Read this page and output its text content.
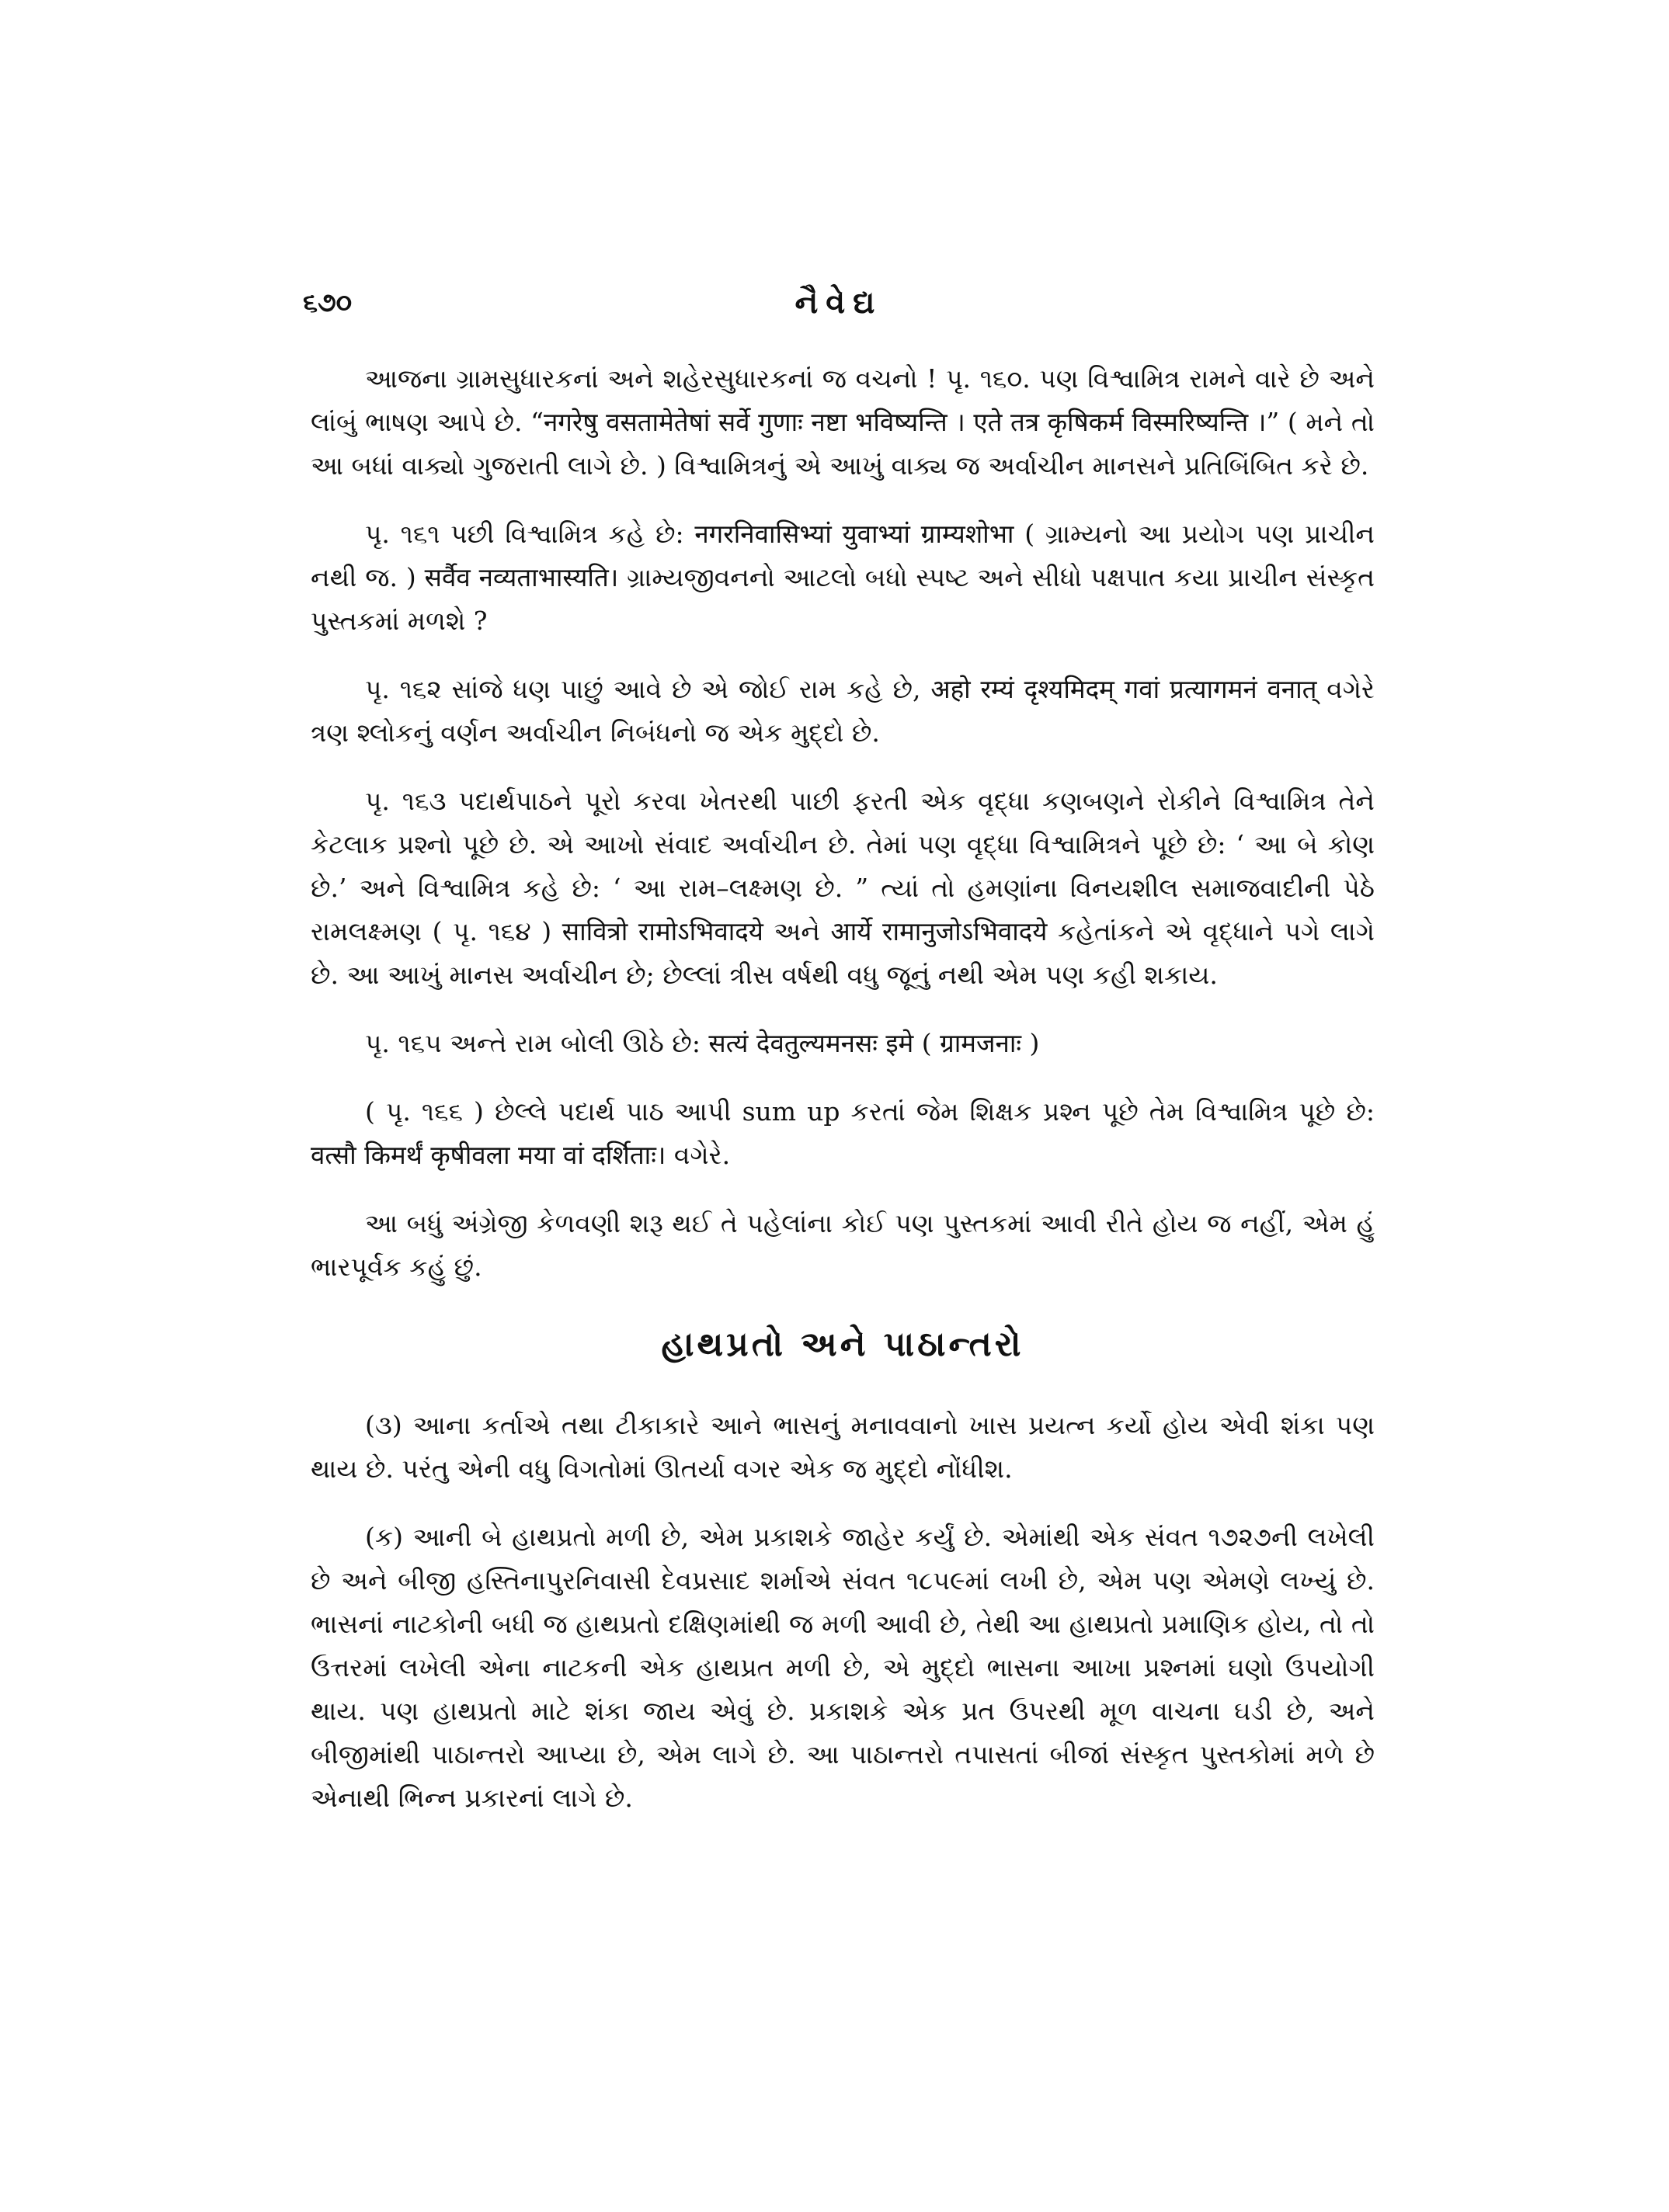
૬૭૦	નૈવેદ્ય

આજના ગ્રામસુધારકનાં અને શહેરસુધારકનાં જ વચનો ! પૃ. ૧૬૦. પણ વિશ્વામિત્ર રામને વારે છે અને લાંબું ભાષણ આપે છે. “नगरेषु वसतामेतेषां सर्वे गुणाः नष्टा भविष्यन्ति । एते तत्र कृषिकर्म विस्मरिष्यन्ति ।” ( મને તો આ બધાં વાક્યો ગુજરાતી લાગે છે. ) વિશ્વામિત્રનું એ આખું વાક્ય જ અર્વાચીન માનસને પ્રતિબિંબિત કરે છે.

પૃ. ૧૬૧ પછી વિશ્વામિત્ર કહે છે: नगरनिवासिभ्यां युवाभ्यां ग्राम्यशोभा ( ગ્રામ્યનો આ પ્રયોગ પણ પ્રાચીન નથી જ. ) सर्वैव नव्यताभास्यति। ગ્રામ્યજીવનનો આટલો બધો સ્પષ્ટ અને સીધો પક્ષપાત કયા પ્રાચીન સંસ્કૃત પુસ્તકમાં મળશે ?

પૃ. ૧૬૨ સાંજે ધણ પાછું આવે છે એ જોઈ રામ કહે છે, अहो रम्यं दृश्यमिदम् गवां प्रत्यागमनं वनात् વગેરે ત્રણ શ્લોકનું વર્ણન અર્વાચીન નિબંધનો જ એક મુદ્દો છે.

પૃ. ૧૬૩ પદાર્થપાઠને પૂરો કરવા ખેતરથી પાછી ફરતી એક વૃદ્ધા કણબણને રોકીને વિશ્વામિત્ર તેને કેટલાક પ્રશ્નો પૂછે છે. એ આખો સંવાદ અર્વાચીન છે. તેમાં પણ વૃદ્ધા વિશ્વામિત્રને પૂછે છે: ‘ આ બે કોણ છે.’ અને વિશ્વામિત્ર કહે છે: ‘ આ રામ–લક્ષ્મણ છે. ” ત્યાં તો હમણાંના વિનયશીલ સમાજવાદીની પેઠે રામલક્ષ્મણ ( પૃ. ૧૬૪ ) सावित्रो रामोऽभिवादये અને आर्ये रामानुजोऽभिवादये કહેતાંકને એ વૃદ્ધાને પગે લાગે છે. આ આખું માનસ અર્વાચીન છે; છેલ્લાં ત્રીસ વર્ષથી વધુ જૂનું નથી એમ પણ કહી શકાય.

પૃ. ૧૬૫ અન્તે રામ બોલી ઊઠે છે: सत्यं देवतुल्यमनसः इमे ( ग्रामजनाः )

( પૃ. ૧૬૬ ) છેલ્લે પદાર્થ પાઠ આપી sum up કરતાં જેમ શિક્ષક પ્રશ્ન પૂછે તેમ વિશ્વામિત્ર પૂછે છે: वत्सौ किमर्थं कृषीवला मया वां दर्शिताः। વગેરે.

આ બધું અંગ્રેજી કેળવણી શરૂ થઈ તે પહેલાંના કોઈ પણ પુસ્તકમાં આવી રીતે હોય જ નહીં, એમ હું ભારપૂર્વક કહું છું.

હાથપ્રતો અને પાઠાન્તરો

(૩) આના કર્તાએ તથા ટીકાકારે આને ભાસનું મનાવવાનો ખાસ પ્રયત્ન કર્યો હોય એવી શંકા પણ થાય છે. પરંતુ એની વધુ વિગતોમાં ઊતર્યા વગર એક જ મુદ્દો નોંધીશ.

(ક) આની બે હાથપ્રતો મળી છે, એમ પ્રકાશકે જાહેર કર્યું છે. એમાંથી એક સંવત ૧૭૨૭ની લખેલી છે અને બીજી હસ્તિનાપુરનિવાસી દેવપ્રસાદ શર્માએ સંવત ૧૮૫૯માં લખી છે, એમ પણ એમણે લખ્યું છે. ભાસનાં નાટકોની બધી જ હાથપ્રતો દક્ષિણમાંથી જ મળી આવી છે, તેથી આ હાથપ્રતો પ્રમાણિક હોય, તો તો ઉત્તરમાં લખેલી એના નાટકની એક હાથપ્રત મળી છે, એ મુદ્દો ભાસના આખા પ્રશ્નમાં ઘણો ઉપયોગી થાય. પણ હાથપ્રતો માટે શંકા જાય એવું છે. પ્રકાશકે એક પ્રત ઉપરથી મૂળ વાચના ઘડી છે, અને બીજીમાંથી પાઠાન્તરો આપ્યા છે, એમ લાગે છે. આ પાઠાન્તરો તપાસતાં બીજાં સંસ્કૃત પુસ્તકોમાં મળે છે એનાથી ભિન્ન પ્રકારનાં લાગે છે.
